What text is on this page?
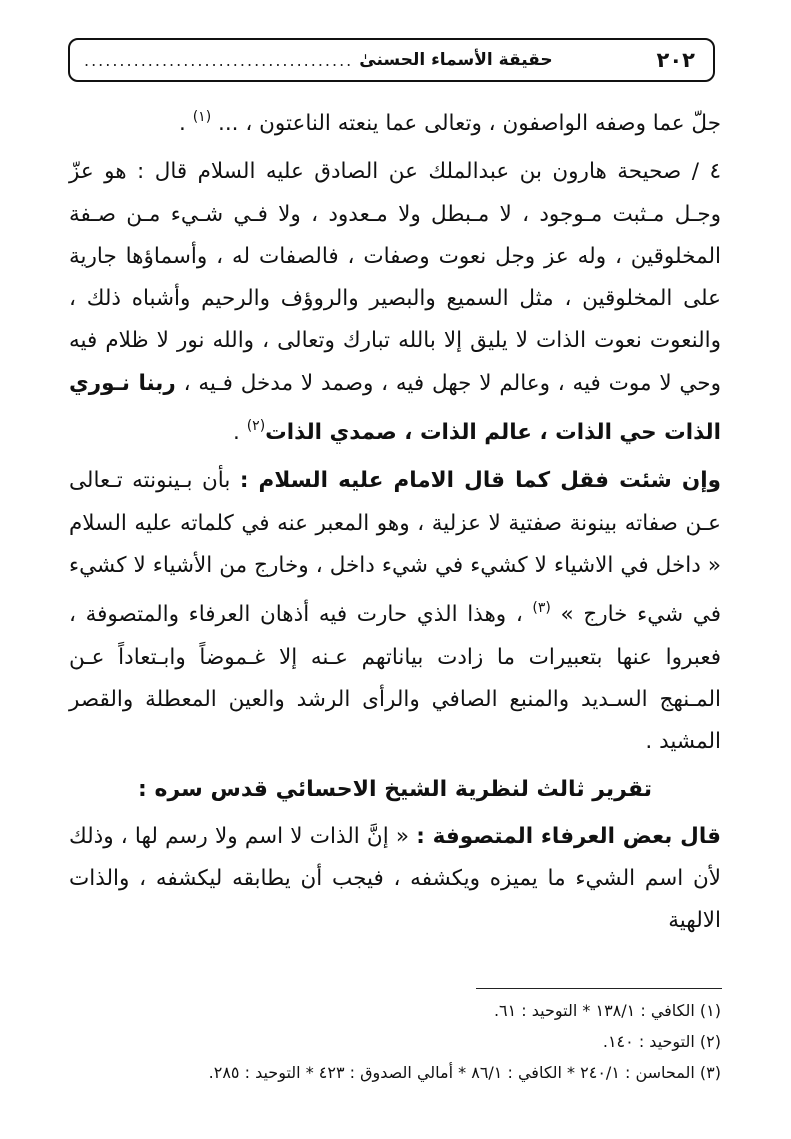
٢٠٢
حقيقة الأسماء الحسنىٰ
......................................

جلّ عما وصفه الواصفون ، وتعالى عما ينعته الناعتون ، ... $^{(١)}$ .

٤ / صحيحة هارون بن عبدالملك عن الصادق عليه السلام قال : هو عزّ وجـل مـثبت مـوجود ، لا مـبطل ولا مـعدود ، ولا فـي شـيء مـن صـفة المخلوقين ، وله عز وجل نعوت وصفات ، فالصفات له ، وأسماؤها جارية على المخلوقين ، مثل السميع والبصير والروؤف والرحيم وأشباه ذلك ، والنعوت نعوت الذات لا يليق إلا بالله تبارك وتعالى ، والله نور لا ظلام فيه وحي لا موت فيه ، وعالم لا جهل فيه ، وصمد لا مدخل فـيه ، ربنا نـوري الذات حي الذات ، عالم الذات ، صمدي الذات$^{(٢)}$ .

وإن شئت فقل كما قال الامام عليه السلام : بأن بـينونته تـعالى عـن صفاته بينونة صفتية لا عزلية ، وهو المعبر عنه في كلماته عليه السلام « داخل في الاشياء لا كشيء في شيء داخل ، وخارج من الأشياء لا كشيء في شيء خارج » $^{(٣)}$ ، وهذا الذي حارت فيه أذهان العرفاء والمتصوفة ، فعبروا عنها بتعبيرات ما زادت بياناتهم عـنه إلا غـموضاً وابـتعاداً عـن المـنهج السـديد والمنبع الصافي والرأى الرشد والعين المعطلة والقصر المشيد .

تقرير ثالث لنظرية الشيخ الاحسائي قدس سره :

قال بعض العرفاء المتصوفة : « إنَّ الذات لا اسم ولا رسم لها ، وذلك لأن اسم الشيء ما يميزه ويكشفه ، فيجب أن يطابقه ليكشفه ، والذات الالهية

(١) الكافي : ١٣٨/١ * التوحيد : ٦١.
(٢) التوحيد : ١٤٠.
(٣) المحاسن : ٢٤٠/١ * الكافي : ٨٦/١ * أمالي الصدوق : ٤٢٣ * التوحيد : ٢٨٥.
